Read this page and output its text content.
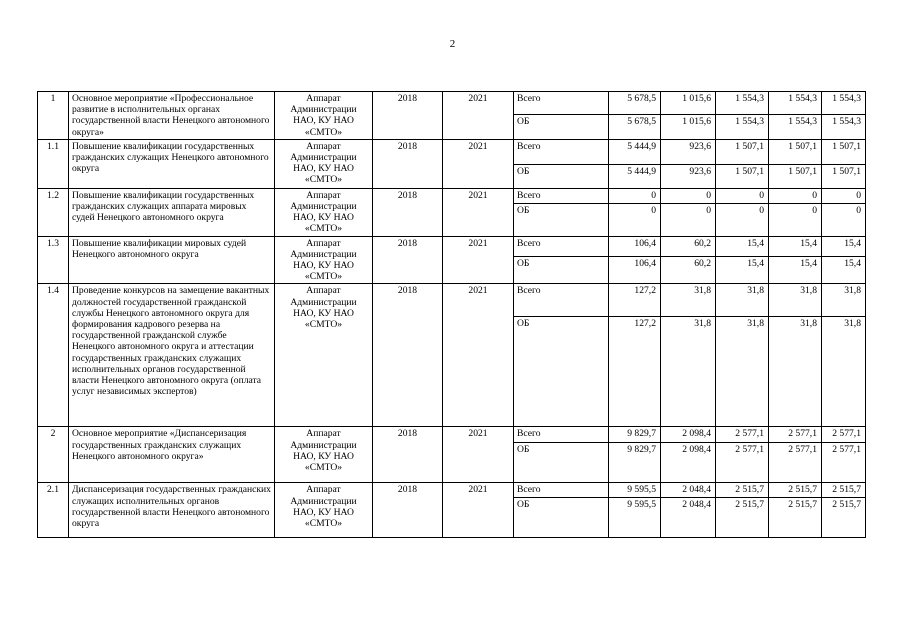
2
1	Основное мероприятие «Профессиональное развитие в исполнительных органах государственной власти Ненецкого автономного округа»	Аппарат Администрации НАО, КУ НАО «СМТО»	2018	2021	Всего	5 678,5	1 015,6	1 554,3	1 554,3	1 554,3
					ОБ	5 678,5	1 015,6	1 554,3	1 554,3	1 554,3
1.1	Повышение квалификации государственных гражданских служащих Ненецкого автономного округа	Аппарат Администрации НАО, КУ НАО «СМТО»	2018	2021	Всего	5 444,9	923,6	1 507,1	1 507,1	1 507,1
					ОБ	5 444,9	923,6	1 507,1	1 507,1	1 507,1
1.2	Повышение квалификации государственных гражданских служащих аппарата мировых судей Ненецкого автономного округа	Аппарат Администрации НАО, КУ НАО «СМТО»	2018	2021	Всего	0	0	0	0	0
					ОБ	0	0	0	0	0
1.3	Повышение квалификации мировых судей Ненецкого автономного округа	Аппарат Администрации НАО, КУ НАО «СМТО»	2018	2021	Всего	106,4	60,2	15,4	15,4	15,4
					ОБ	106,4	60,2	15,4	15,4	15,4
1.4	Проведение конкурсов на замещение вакантных должностей государственной гражданской службы Ненецкого автономного округа для формирования кадрового резерва на государственной гражданской службе Ненецкого автономного округа и аттестации государственных гражданских служащих исполнительных органов государственной власти Ненецкого автономного округа (оплата услуг независимых экспертов)	Аппарат Администрации НАО, КУ НАО «СМТО»	2018	2021	Всего	127,2	31,8	31,8	31,8	31,8
					ОБ	127,2	31,8	31,8	31,8	31,8
2	Основное мероприятие «Диспансеризация государственных гражданских служащих Ненецкого автономного округа»	Аппарат Администрации НАО, КУ НАО «СМТО»	2018	2021	Всего	9 829,7	2 098,4	2 577,1	2 577,1	2 577,1
					ОБ	9 829,7	2 098,4	2 577,1	2 577,1	2 577,1
2.1	Диспансеризация государственных гражданских служащих исполнительных органов государственной власти Ненецкого автономного округа	Аппарат Администрации НАО, КУ НАО «СМТО»	2018	2021	Всего	9 595,5	2 048,4	2 515,7	2 515,7	2 515,7
					ОБ	9 595,5	2 048,4	2 515,7	2 515,7	2 515,7
